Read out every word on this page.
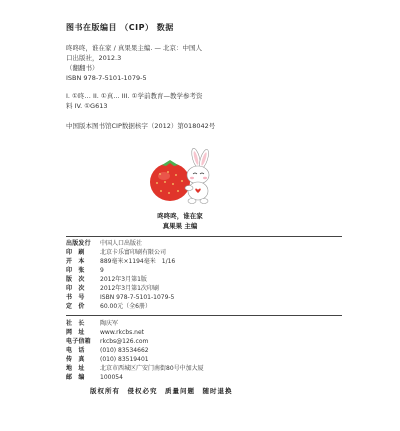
图书在版编目 （CIP） 数据
咚咚咚，谁在家 / 真果果主编. — 北京：中国人
口出版社，2012.3
（翻翻书）
ISBN 978-7-5101-1079-5
I. ①咚… II. ①真… III. ①学前教育—教学参考资
料 IV. ①G613
中国版本图书馆CIP数据核字（2012）第018042号
咚咚咚，谁在家
真果果 主编
出版发行	中国人口出版社
印　刷	北京卡乐富印刷有限公司
开　本	889毫米×1194毫米　1/16
印　张	9
版　次	2012年3月第1版
印　次	2012年3月第1次印刷
书　号	ISBN 978-7-5101-1079-5
定　价	60.00元（全6册）
社　长	陶庆军
网　址	www.rkcbs.net
电子信箱	rkcbs@126.com
电　话	(010) 83534662
传　真	(010) 83519401
地　址	北京市西城区广安门南街80号中加大厦
邮　编	100054
版权所有　侵权必究　质量问题　随时退换
